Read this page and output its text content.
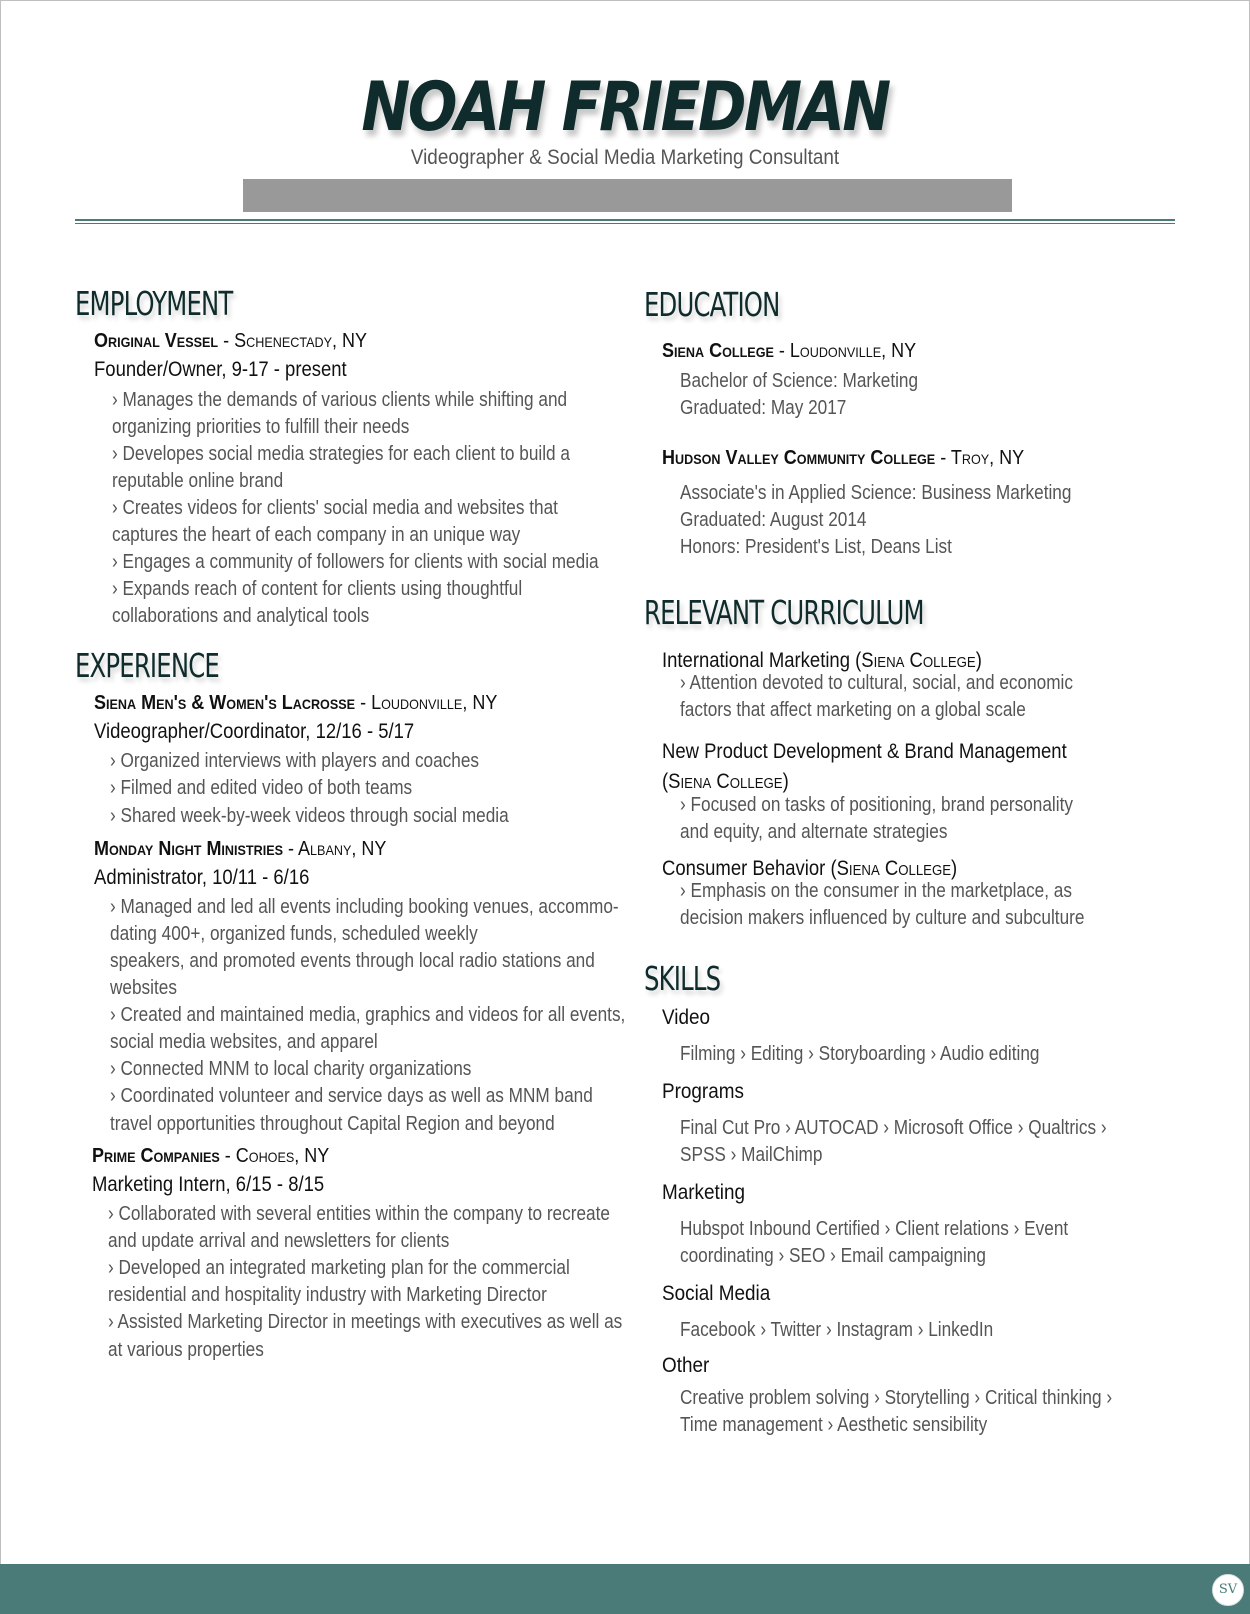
NOAH FRIEDMAN
Videographer & Social Media Marketing Consultant
EMPLOYMENT
Original Vessel - Schenectady, NY
Founder/Owner, 9-17 - present
› Manages the demands of various clients while shifting and
organizing priorities to fulfill their needs
› Developes social media strategies for each client to build a
reputable online brand
› Creates videos for clients' social media and websites that
captures the heart of each company in an unique way
› Engages a community of followers for clients with social media
› Expands reach of content for clients using thoughtful
collaborations and analytical tools
EXPERIENCE
Siena Men's & Women's Lacrosse - Loudonville, NY
Videographer/Coordinator, 12/16 - 5/17
› Organized interviews with players and coaches
› Filmed and edited video of both teams
› Shared week-by-week videos through social media
Monday Night Ministries - Albany, NY
Administrator, 10/11 - 6/16
› Managed and led all events including booking venues, accommo-
dating 400+, organized funds, scheduled weekly
speakers, and promoted events through local radio stations and
websites
› Created and maintained media, graphics and videos for all events,
social media websites, and apparel
› Connected MNM to local charity organizations
› Coordinated volunteer and service days as well as MNM band
travel opportunities throughout Capital Region and beyond
Prime Companies - Cohoes, NY
Marketing Intern, 6/15 - 8/15
› Collaborated with several entities within the company to recreate
and update arrival and newsletters for clients
› Developed an integrated marketing plan for the commercial
residential and hospitality industry with Marketing Director
› Assisted Marketing Director in meetings with executives as well as
at various properties
EDUCATION
Siena College - Loudonville, NY
Bachelor of Science: Marketing
Graduated: May 2017
Hudson Valley Community College - Troy, NY
Associate's in Applied Science: Business Marketing
Graduated: August 2014
Honors: President's List, Deans List
RELEVANT CURRICULUM
International Marketing (Siena College)
› Attention devoted to cultural, social, and economic
factors that affect marketing on a global scale
New Product Development & Brand Management
(Siena College)
› Focused on tasks of positioning, brand personality
and equity, and alternate strategies
Consumer Behavior (Siena College)
› Emphasis on the consumer in the marketplace, as
decision makers influenced by culture and subculture
SKILLS
Video
Filming › Editing › Storyboarding › Audio editing
Programs
Final Cut Pro › AUTOCAD › Microsoft Office › Qualtrics ›
SPSS › MailChimp
Marketing
Hubspot Inbound Certified › Client relations › Event
coordinating › SEO › Email campaigning
Social Media
Facebook › Twitter › Instagram › LinkedIn
Other
Creative problem solving › Storytelling › Critical thinking ›
Time management › Aesthetic sensibility
SV
